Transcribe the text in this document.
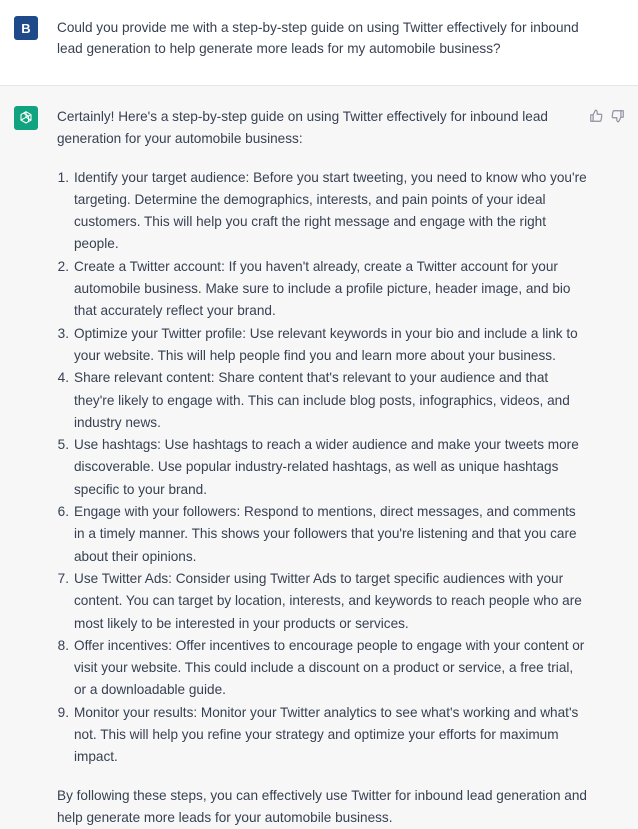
B Could you provide me with a step-by-step guide on using Twitter effectively for inbound lead generation to help generate more leads for my automobile business?

Certainly! Here's a step-by-step guide on using Twitter effectively for inbound lead generation for your automobile business:

1. Identify your target audience: Before you start tweeting, you need to know who you're targeting. Determine the demographics, interests, and pain points of your ideal customers. This will help you craft the right message and engage with the right people.
2. Create a Twitter account: If you haven't already, create a Twitter account for your automobile business. Make sure to include a profile picture, header image, and bio that accurately reflect your brand.
3. Optimize your Twitter profile: Use relevant keywords in your bio and include a link to your website. This will help people find you and learn more about your business.
4. Share relevant content: Share content that's relevant to your audience and that they're likely to engage with. This can include blog posts, infographics, videos, and industry news.
5. Use hashtags: Use hashtags to reach a wider audience and make your tweets more discoverable. Use popular industry-related hashtags, as well as unique hashtags specific to your brand.
6. Engage with your followers: Respond to mentions, direct messages, and comments in a timely manner. This shows your followers that you're listening and that you care about their opinions.
7. Use Twitter Ads: Consider using Twitter Ads to target specific audiences with your content. You can target by location, interests, and keywords to reach people who are most likely to be interested in your products or services.
8. Offer incentives: Offer incentives to encourage people to engage with your content or visit your website. This could include a discount on a product or service, a free trial, or a downloadable guide.
9. Monitor your results: Monitor your Twitter analytics to see what's working and what's not. This will help you refine your strategy and optimize your efforts for maximum impact.

By following these steps, you can effectively use Twitter for inbound lead generation and help generate more leads for your automobile business.
